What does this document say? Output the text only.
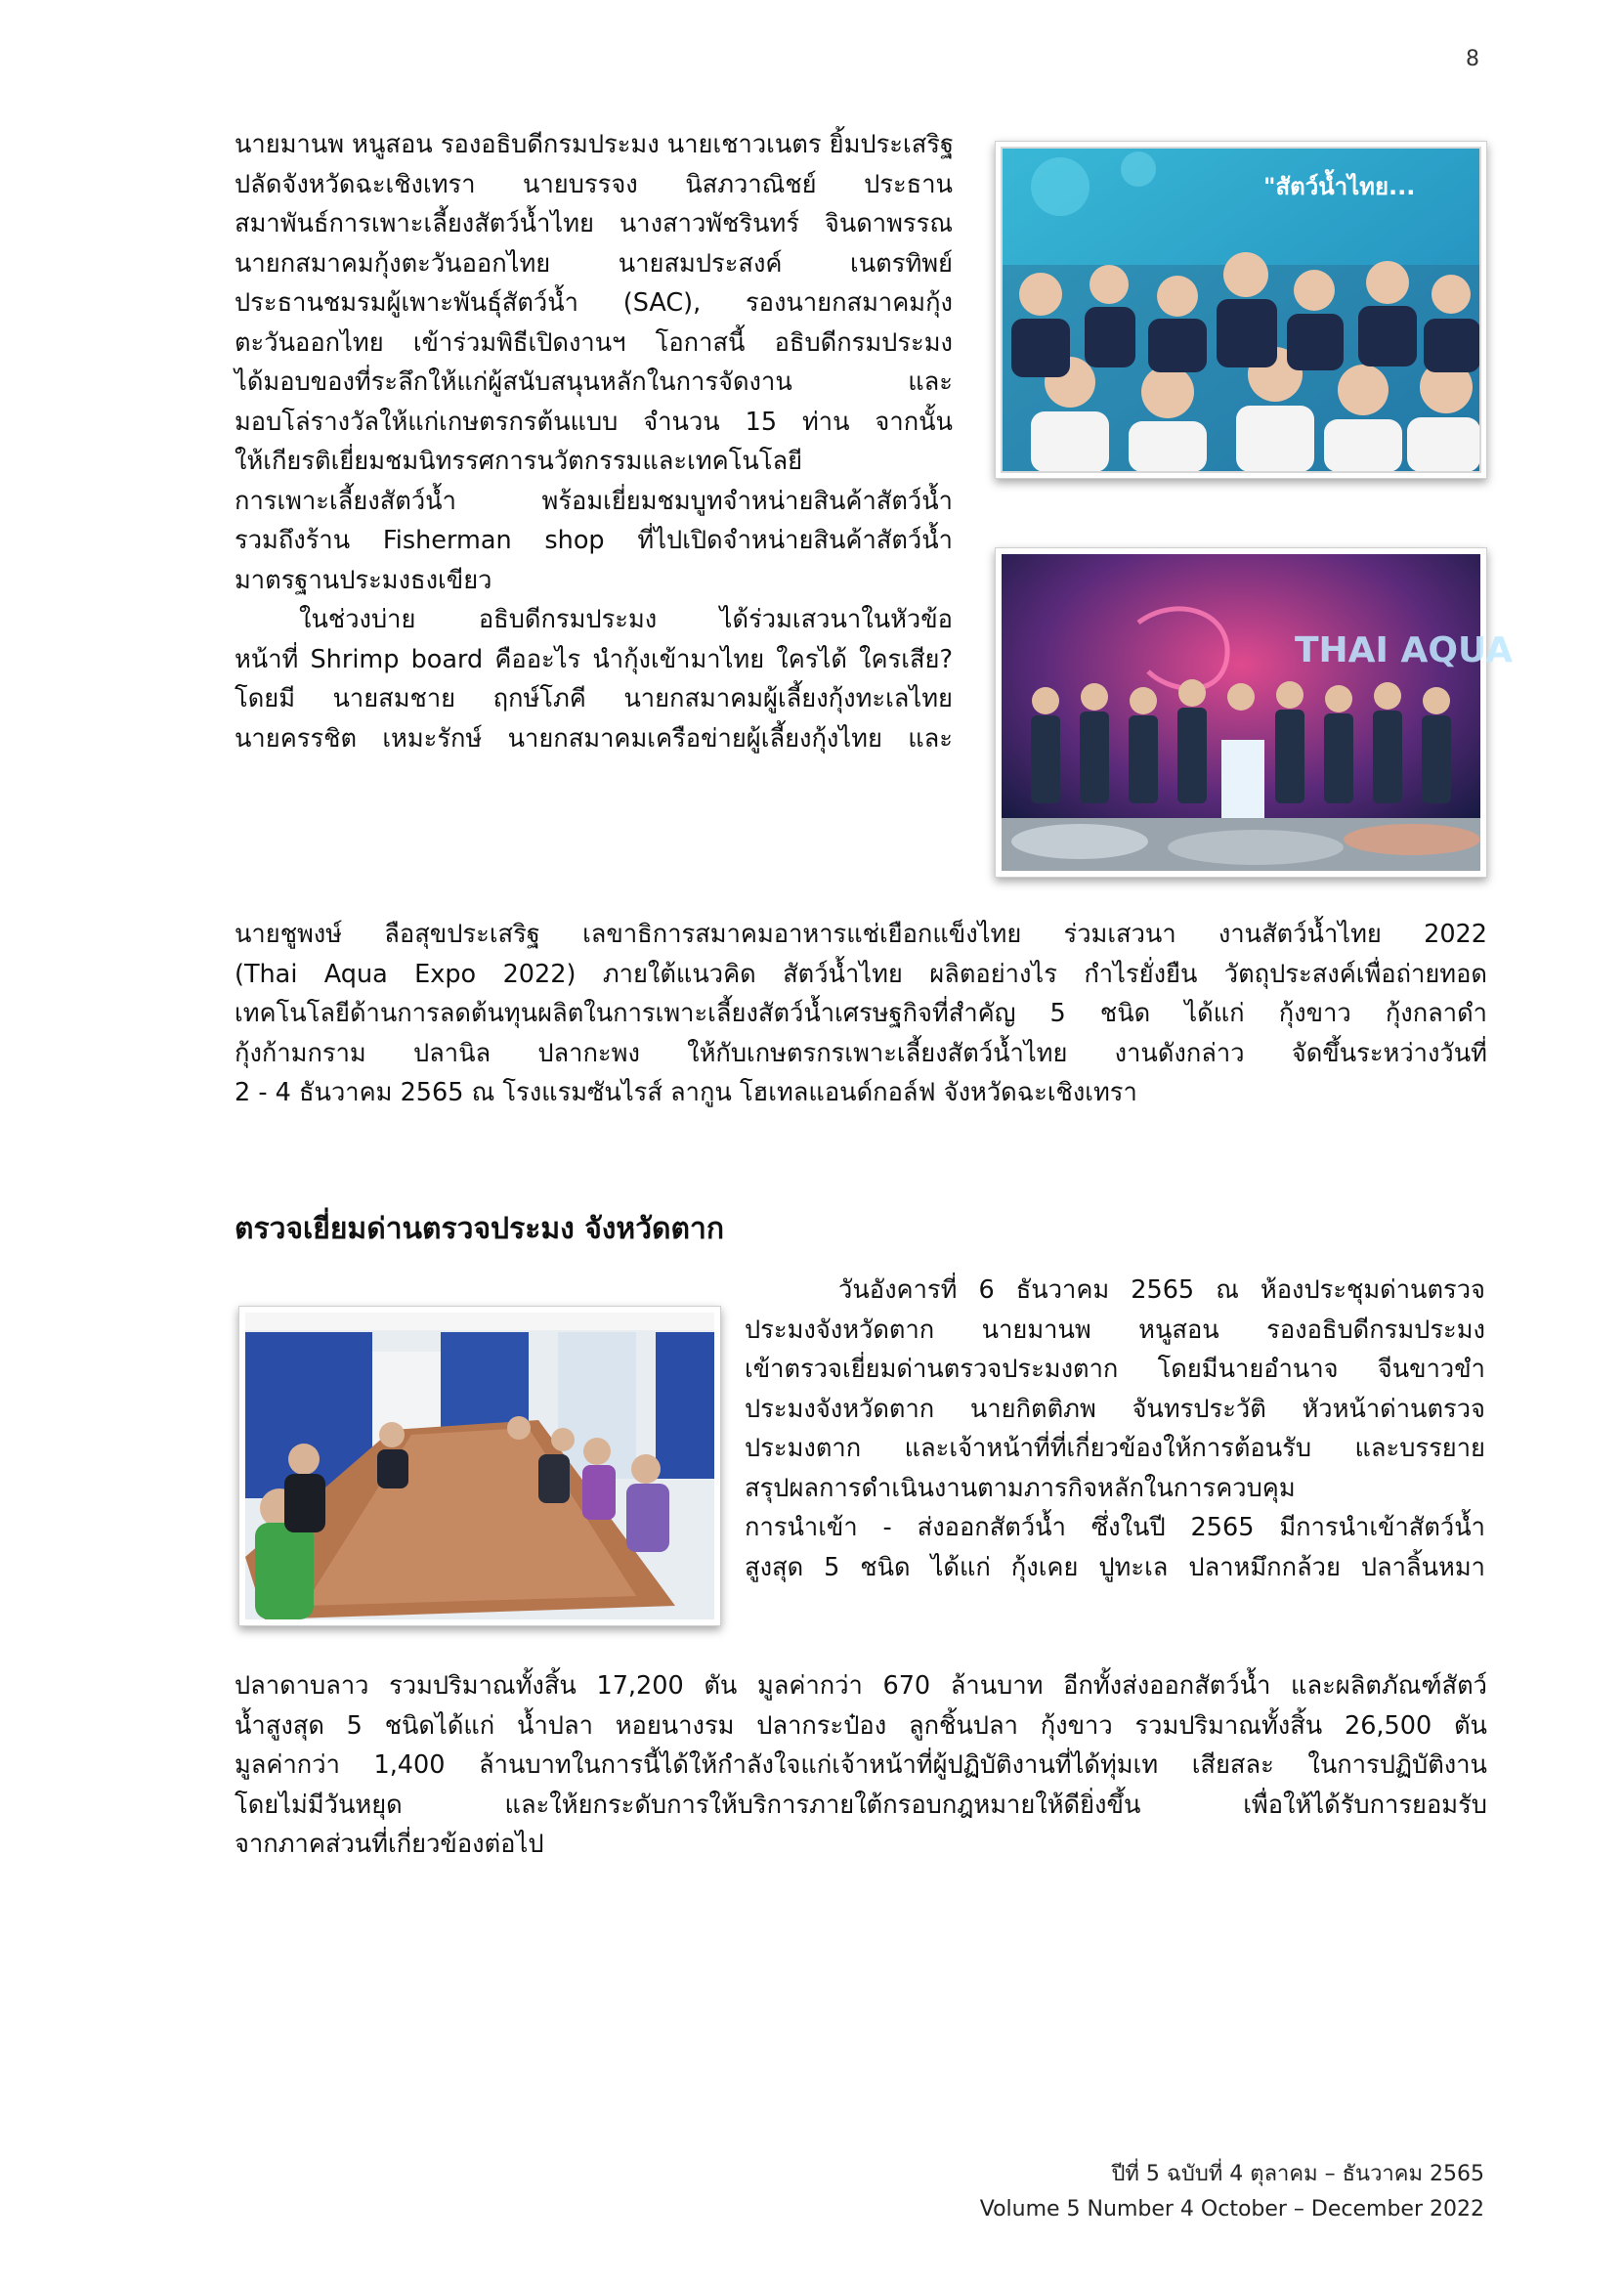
8
นายมานพ หนูสอน รองอธิบดีกรมประมง นายเชาวเนตร ยิ้มประเสริฐ
ปลัดจังหวัดฉะเชิงเทรา นายบรรจง นิสภวาณิชย์ ประธาน
สมาพันธ์การเพาะเลี้ยงสัตว์น้ำไทย นางสาวพัชรินทร์ จินดาพรรณ
นายกสมาคมกุ้งตะวันออกไทย นายสมประสงค์ เนตรทิพย์
ประธานชมรมผู้เพาะพันธุ์สัตว์น้ำ (SAC), รองนายกสมาคมกุ้ง
ตะวันออกไทย เข้าร่วมพิธีเปิดงานฯ โอกาสนี้ อธิบดีกรมประมง
ได้มอบของที่ระลึกให้แก่ผู้สนับสนุนหลักในการจัดงาน และ
มอบโล่รางวัลให้แก่เกษตรกรต้นแบบ จำนวน 15 ท่าน จากนั้น
ให้เกียรติเยี่ยมชมนิทรรศการนวัตกรรมและเทคโนโลยี
การเพาะเลี้ยงสัตว์น้ำ พร้อมเยี่ยมชมบูทจำหน่ายสินค้าสัตว์น้ำ
รวมถึงร้าน Fisherman shop ที่ไปเปิดจำหน่ายสินค้าสัตว์น้ำ
มาตรฐานประมงธงเขียว
ในช่วงบ่าย อธิบดีกรมประมง ได้ร่วมเสวนาในหัวข้อ
หน้าที่ Shrimp board คืออะไร นำกุ้งเข้ามาไทย ใครได้ ใครเสีย?
โดยมี นายสมชาย ฤกษ์โภคี นายกสมาคมผู้เลี้ยงกุ้งทะเลไทย
นายครรชิต เหมะรักษ์ นายกสมาคมเครือข่ายผู้เลี้ยงกุ้งไทย และ
นายชูพงษ์ ลือสุขประเสริฐ เลขาธิการสมาคมอาหารแช่เยือกแข็งไทย ร่วมเสวนา งานสัตว์น้ำไทย 2022
(Thai Aqua Expo 2022) ภายใต้แนวคิด สัตว์น้ำไทย ผลิตอย่างไร กำไรยั่งยืน วัตถุประสงค์เพื่อถ่ายทอด
เทคโนโลยีด้านการลดต้นทุนผลิตในการเพาะเลี้ยงสัตว์น้ำเศรษฐกิจที่สำคัญ 5 ชนิด ได้แก่ กุ้งขาว กุ้งกลาดำ
กุ้งก้ามกราม ปลานิล ปลากะพง ให้กับเกษตรกรเพาะเลี้ยงสัตว์น้ำไทย งานดังกล่าว จัดขึ้นระหว่างวันที่
2 - 4 ธันวาคม 2565 ณ โรงแรมซันไรส์ ลากูน โฮเทลแอนด์กอล์ฟ จังหวัดฉะเชิงเทรา
"สัตว์น้ำไทย...
THAI AQUA
ตรวจเยี่ยมด่านตรวจประมง จังหวัดตาก
วันอังคารที่ 6 ธันวาคม 2565 ณ ห้องประชุมด่านตรวจ
ประมงจังหวัดตาก นายมานพ หนูสอน รองอธิบดีกรมประมง
เข้าตรวจเยี่ยมด่านตรวจประมงตาก โดยมีนายอำนาจ จีนขาวขำ
ประมงจังหวัดตาก นายกิตติภพ จันทรประวัติ หัวหน้าด่านตรวจ
ประมงตาก และเจ้าหน้าที่ที่เกี่ยวข้องให้การต้อนรับ และบรรยาย
สรุปผลการดำเนินงานตามภารกิจหลักในการควบคุม
การนำเข้า - ส่งออกสัตว์น้ำ ซึ่งในปี 2565 มีการนำเข้าสัตว์น้ำ
สูงสุด 5 ชนิด ได้แก่ กุ้งเคย ปูทะเล ปลาหมึกกล้วย ปลาลิ้นหมา
ปลาดาบลาว รวมปริมาณทั้งสิ้น 17,200 ตัน มูลค่ากว่า 670 ล้านบาท อีกทั้งส่งออกสัตว์น้ำ และผลิตภัณฑ์สัตว์
น้ำสูงสุด 5 ชนิดได้แก่ น้ำปลา หอยนางรม ปลากระป๋อง ลูกชิ้นปลา กุ้งขาว รวมปริมาณทั้งสิ้น 26,500 ตัน
มูลค่ากว่า 1,400 ล้านบาทในการนี้ได้ให้กำลังใจแก่เจ้าหน้าที่ผู้ปฏิบัติงานที่ได้ทุ่มเท เสียสละ ในการปฏิบัติงาน
โดยไม่มีวันหยุด และให้ยกระดับการให้บริการภายใต้กรอบกฎหมายให้ดียิ่งขึ้น เพื่อให้ได้รับการยอมรับ
จากภาคส่วนที่เกี่ยวข้องต่อไป
ปีที่ 5 ฉบับที่ 4 ตุลาคม – ธันวาคม 2565
Volume 5 Number 4 October – December 2022
